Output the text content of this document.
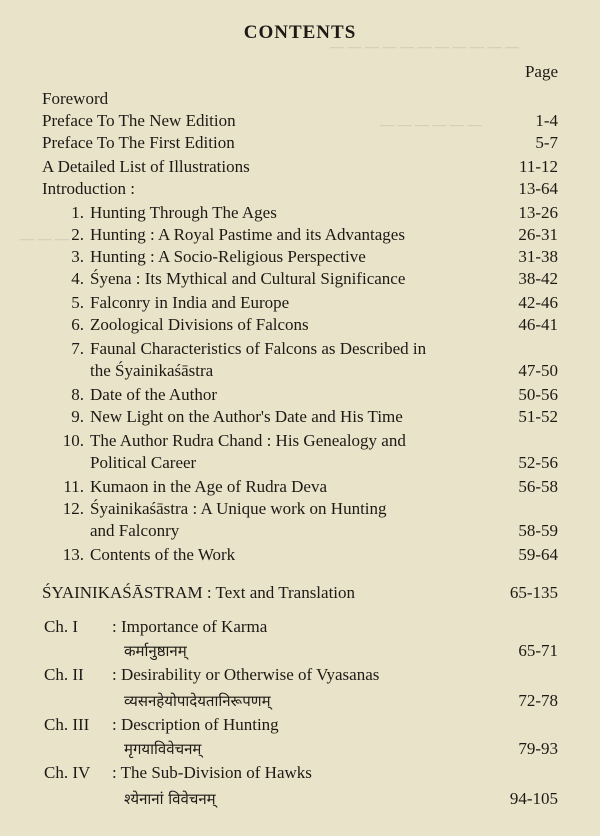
— — — — — — — — — — —
— — — — — —
— — —
CONTENTS
Page
Foreword
Preface To The New Edition	1-4
Preface To The First Edition	5-7
A Detailed List of Illustrations	11-12
Introduction :	13-64
1. Hunting Through The Ages	13-26
2. Hunting : A Royal Pastime and its Advantages	26-31
3. Hunting : A Socio-Religious Perspective	31-38
4. Śyena : Its Mythical and Cultural Significance	38-42
5. Falconry in India and Europe	42-46
6. Zoological Divisions of Falcons	46-41
7. Faunal Characteristics of Falcons as Described in
the Śyainikaśāstra	47-50
8. Date of the Author	50-56
9. New Light on the Author's Date and His Time	51-52
10. The Author Rudra Chand : His Genealogy and
Political Career	52-56
11. Kumaon in the Age of Rudra Deva	56-58
12. Śyainikaśāstra : A Unique work on Hunting
and Falconry	58-59
13. Contents of the Work	59-64
ŚYAINIKAŚĀSTRAM : Text and Translation	65-135
Ch. I : Importance of Karma
कर्मानुष्ठानम्	65-71
Ch. II : Desirability or Otherwise of Vyasanas
व्यसनहेयोपादेयतानिरूपणम्	72-78
Ch. III : Description of Hunting
मृगयाविवेचनम्	79-93
Ch. IV : The Sub-Division of Hawks
श्येनानां विवेचनम्	94-105
